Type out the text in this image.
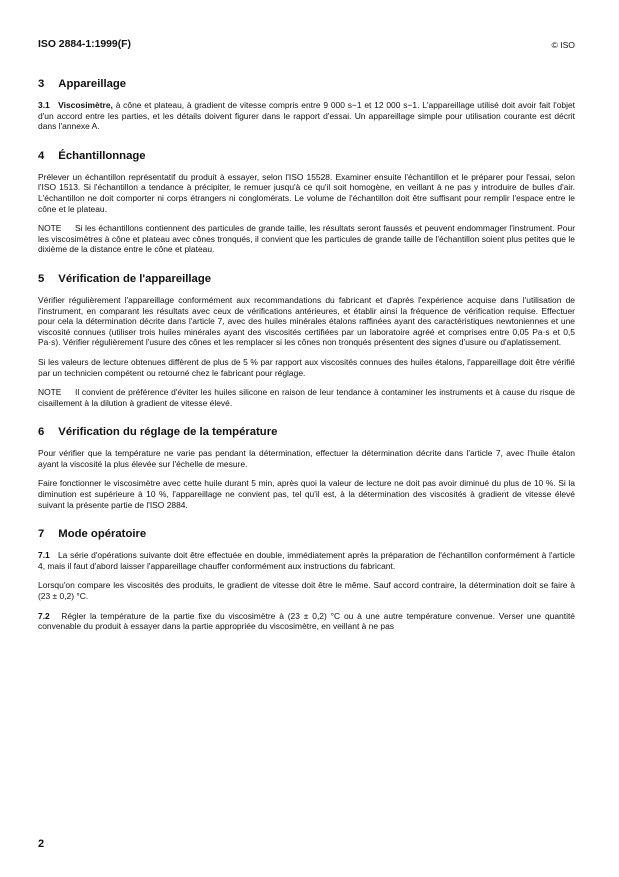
ISO 2884-1:1999(F)	© ISO
3 Appareillage

3.1 Viscosimètre, à cône et plateau, à gradient de vitesse compris entre 9 000 s−1 et 12 000 s−1. L'appareillage utilisé doit avoir fait l'objet d'un accord entre les parties, et les détails doivent figurer dans le rapport d'essai. Un appareillage simple pour utilisation courante est décrit dans l'annexe A.

4 Échantillonnage

Prélever un échantillon représentatif du produit à essayer, selon l'ISO 15528. Examiner ensuite l'échantillon et le préparer pour l'essai, selon l'ISO 1513. Si l'échantillon a tendance à précipiter, le remuer jusqu'à ce qu'il soit homogène, en veillant à ne pas y introduire de bulles d'air. L'échantillon ne doit comporter ni corps étrangers ni conglomérats. Le volume de l'échantillon doit être suffisant pour remplir l'espace entre le cône et le plateau.

NOTE Si les échantillons contiennent des particules de grande taille, les résultats seront faussés et peuvent endommager l'instrument. Pour les viscosimètres à cône et plateau avec cônes tronqués, il convient que les particules de grande taille de l'échantillon soient plus petites que le dixième de la distance entre le cône et plateau.

5 Vérification de l'appareillage

Vérifier régulièrement l'appareillage conformément aux recommandations du fabricant et d'après l'expérience acquise dans l'utilisation de l'instrument, en comparant les résultats avec ceux de vérifications antérieures, et établir ainsi la fréquence de vérification requise. Effectuer pour cela la détermination décrite dans l'article 7, avec des huiles minérales étalons raffinées ayant des caractéristiques newtoniennes et une viscosité connues (utiliser trois huiles minérales ayant des viscosités certifiées par un laboratoire agréé et comprises entre 0,05 Pa·s et 0,5 Pa·s). Vérifier régulièrement l'usure des cônes et les remplacer si les cônes non tronqués présentent des signes d'usure ou d'aplatissement.

Si les valeurs de lecture obtenues diffèrent de plus de 5 % par rapport aux viscosités connues des huiles étalons, l'appareillage doit être vérifié par un technicien compétent ou retourné chez le fabricant pour réglage.

NOTE Il convient de préférence d'éviter les huiles silicone en raison de leur tendance à contaminer les instruments et à cause du risque de cisaillement à la dilution à gradient de vitesse élevé.

6 Vérification du réglage de la température

Pour vérifier que la température ne varie pas pendant la détermination, effectuer la détermination décrite dans l'article 7, avec l'huile étalon ayant la viscosité la plus élevée sur l'échelle de mesure.

Faire fonctionner le viscosimètre avec cette huile durant 5 min, après quoi la valeur de lecture ne doit pas avoir diminué du plus de 10 %. Si la diminution est supérieure à 10 %, l'appareillage ne convient pas, tel qu'il est, à la détermination des viscosités à gradient de vitesse élevé suivant la présente partie de l'ISO 2884.

7 Mode opératoire

7.1 La série d'opérations suivante doit être effectuée en double, immédiatement après la préparation de l'échantillon conformément à l'article 4, mais il faut d'abord laisser l'appareillage chauffer conformément aux instructions du fabricant.

Lorsqu'on compare les viscosités des produits, le gradient de vitesse doit être le même. Sauf accord contraire, la détermination doit se faire à (23 ± 0,2) °C.

7.2 Régler la température de la partie fixe du viscosimètre à (23 ± 0,2) °C ou à une autre température convenue. Verser une quantité convenable du produit à essayer dans la partie appropriée du viscosimètre, en veillant à ne pas

2
